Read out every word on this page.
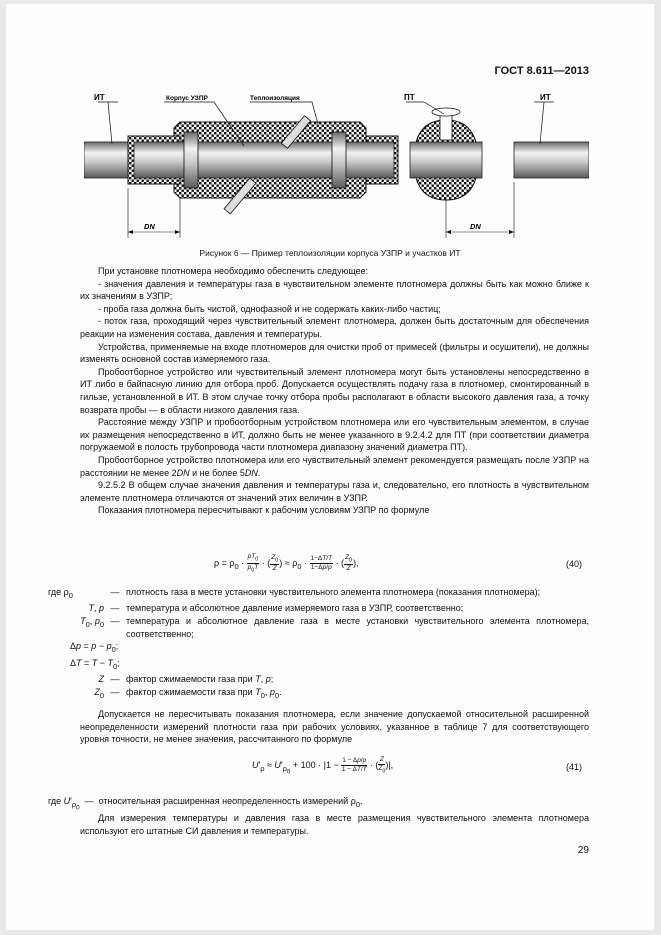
ГОСТ 8.611—2013
ИТ	Корпус УЗПР	Теплоизоляция	ПТ	ИТ
DN	DN
Рисунок 6 — Пример теплоизоляции корпуса УЗПР и участков ИТ

При установке плотномера необходимо обеспечить следующее:

- значения давления и температуры газа в чувствительном элементе плотномера должны быть как можно ближе к их значениям в УЗПР;

- проба газа должна быть чистой, однофазной и не содержать каких-либо частиц;

- поток газа, проходящий через чувствительный элемент плотномера, должен быть достаточным для обеспечения реакции на изменения состава, давления и температуры.

Устройства, применяемые на входе плотномеров для очистки проб от примесей (фильтры и осушители), не должны изменять основной состав измеряемого газа.

Пробоотборное устройство или чувствительный элемент плотномера могут быть установлены непосредственно в ИТ либо в байпасную линию для отбора проб. Допускается осуществлять подачу газа в плотномер, смонтированный в гильзе, установленной в ИТ. В этом случае точку отбора пробы располагают в области высокого давления газа, а точку возврата пробы — в области низкого давления газа.

Расстояние между УЗПР и пробоотборным устройством плотномера или его чувствительным элементом, в случае их размещения непосредственно в ИТ, должно быть не менее указанного в 9.2.4.2 для ПТ (при соответствии диаметра погружаемой в полость трубопровода части плотномера диапазону значений диаметра ПТ).

Пробоотборное устройство плотномера или его чувствительный элемент рекомендуется размещать после УЗПР на расстоянии не менее 2DN и не более 5DN.

9.2.5.2 В общем случае значения давления и температуры газа и, следовательно, его плотность в чувствительном элементе плотномера отличаются от значений этих величин в УЗПР.

Показания плотномера пересчитывают к рабочим условиям УЗПР по формуле

$\rho = \rho_0 \cdot \frac{pT_0}{p_0T}$ · ( $\frac{Z_0}{Z}$ ) ≈ $\rho_0 \cdot \frac{1-\Delta T/T}{1-\Delta p/p}$ · ( $\frac{Z_0}{Z}$ ),	(40)
где $\rho_0$	— плотность газа в месте установки чувствительного элемента плотномера (показания плотномера);
T, p — температура и абсолютное давление измеряемого газа в УЗПР, соответственно;
$T_0$, $p_0$ — температура и абсолютное давление газа в месте установки чувствительного элемента плотномера, соответственно;
$\Delta p = p - p_0$;
$\Delta T = T - T_0$;
Z — фактор сжимаемости газа при T, p;
$Z_0$ — фактор сжимаемости газа при $T_0$, $p_0$.

Допускается не пересчитывать показания плотномера, если значение допускаемой относительной расширенной неопределенности измерений плотности газа при рабочих условиях, указанное в таблице 7 для соответствующего уровня точности, не менее значения, рассчитанного по формуле

$U'_\rho \approx U'_{\rho_0} + 100 \cdot |1 - \frac{1 - \Delta p/p}{1 - \Delta T/T}$ · ( $\frac{Z}{Z_0}$ )|,	(41)
где $U'_{\rho_0}$  —  относительная расширенная неопределенность измерений $\rho_0$.

Для измерения температуры и давления газа в месте размещения чувствительного элемента плотномера используют его штатные СИ давления и температуры.

29
